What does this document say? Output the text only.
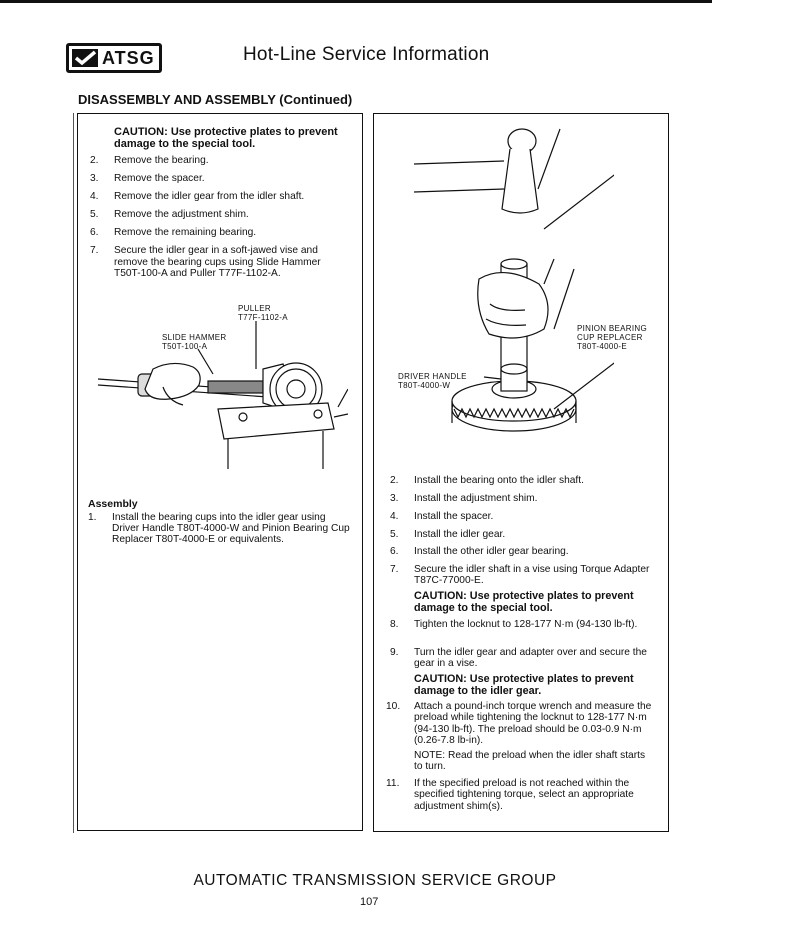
ATSG	Hot-Line Service Information
DISASSEMBLY AND ASSEMBLY (Continued)
CAUTION: Use protective plates to prevent damage to the special tool.
2.	Remove the bearing.
3.	Remove the spacer.
4.	Remove the idler gear from the idler shaft.
5.	Remove the adjustment shim.
6.	Remove the remaining bearing.
7.	Secure the idler gear in a soft-jawed vise and remove the bearing cups using Slide Hammer T50T-100-A and Puller T77F-1102-A.
PULLER
T77F-1102-A
SLIDE HAMMER
T50T-100-A
Assembly
1.	Install the bearing cups into the idler gear using Driver Handle T80T-4000-W and Pinion Bearing Cup Replacer T80T-4000-E or equivalents.
PINION BEARING
CUP REPLACER
T80T-4000-E
DRIVER HANDLE
T80T-4000-W
2.	Install the bearing onto the idler shaft.
3.	Install the adjustment shim.
4.	Install the spacer.
5.	Install the idler gear.
6.	Install the other idler gear bearing.
7.	Secure the idler shaft in a vise using Torque Adapter T87C-77000-E.
CAUTION: Use protective plates to prevent damage to the special tool.
8.	Tighten the locknut to 128-177 N·m (94-130 lb-ft).
9.	Turn the idler gear and adapter over and secure the gear in a vise.
CAUTION: Use protective plates to prevent damage to the idler gear.
10.	Attach a pound-inch torque wrench and measure the preload while tightening the locknut to 128-177 N·m (94-130 lb-ft). The preload should be 0.03-0.9 N·m (0.26-7.8 lb-in).
NOTE: Read the preload when the idler shaft starts to turn.
11.	If the specified preload is not reached within the specified tightening torque, select an appropriate adjustment shim(s).
AUTOMATIC TRANSMISSION SERVICE GROUP
107
